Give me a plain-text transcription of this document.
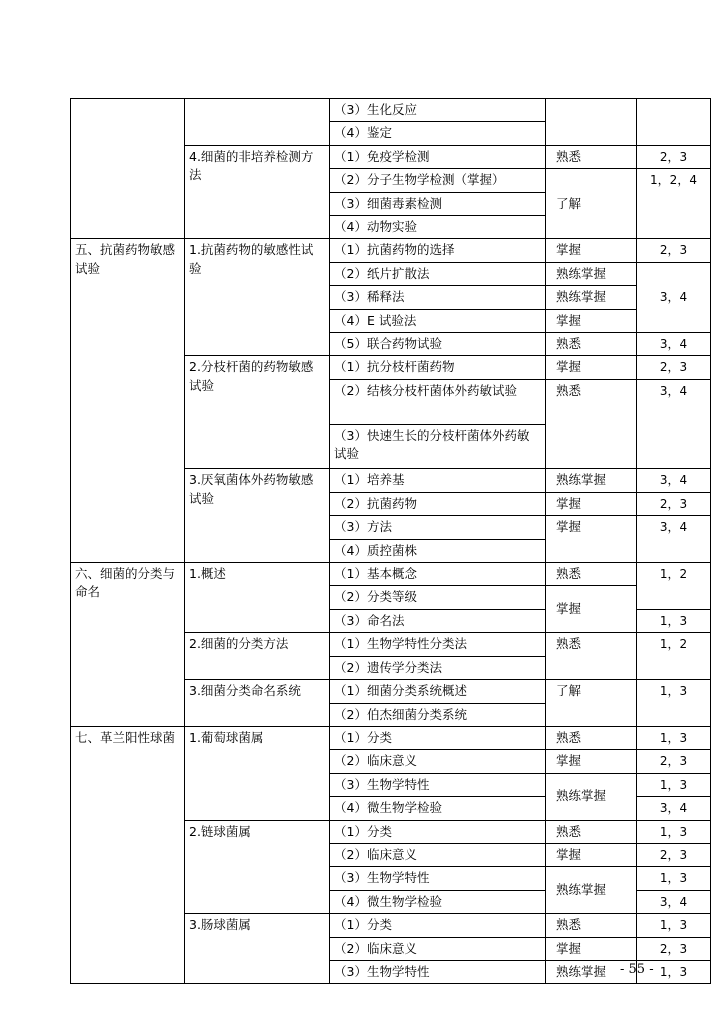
		（3）生化反应		
		（4）鉴定		
	4.细菌的非培养检测方法	（1）免疫学检测	熟悉	2，3
		（2）分子生物学检测（掌握）	了解	1，2，4
		（3）细菌毒素检测		
		（4）动物实验		
五、抗菌药物敏感试验	1.抗菌药物的敏感性试验	（1）抗菌药物的选择	掌握	2，3
		（2）纸片扩散法	熟练掌握	3，4
		（3）稀释法	熟练掌握	
		（4）E 试验法	掌握	
		（5）联合药物试验	熟悉	3，4
	2.分枝杆菌的药物敏感试验	（1）抗分枝杆菌药物	掌握	2，3
		（2）结核分枝杆菌体外药敏试验	熟悉	3，4

		（3）快速生长的分枝杆菌体外药敏试验		

	3.厌氧菌体外药物敏感试验	（1）培养基	熟练掌握	3，4
		（2）抗菌药物	掌握	2，3
		（3）方法	掌握	3，4
		（4）质控菌株		
六、细菌的分类与命名	1.概述	（1）基本概念	熟悉	1，2
		（2）分类等级	掌握	
		（3）命名法		1，3
	2.细菌的分类方法	（1）生物学特性分类法	熟悉	1，2
		（2）遗传学分类法		
	3.细菌分类命名系统	（1）细菌分类系统概述	了解	1，3
		（2）伯杰细菌分类系统		
七、革兰阳性球菌	1.葡萄球菌属	（1）分类	熟悉	1，3
		（2）临床意义	掌握	2，3
		（3）生物学特性	熟练掌握	1，3
		（4）微生物学检验		3，4
	2.链球菌属	（1）分类	熟悉	1，3
		（2）临床意义	掌握	2，3
		（3）生物学特性	熟练掌握	1，3
		（4）微生物学检验		3，4
	3.肠球菌属	（1）分类	熟悉	1，3
		（2）临床意义	掌握	2，3
		（3）生物学特性	熟练掌握	1，3
- 55 -
